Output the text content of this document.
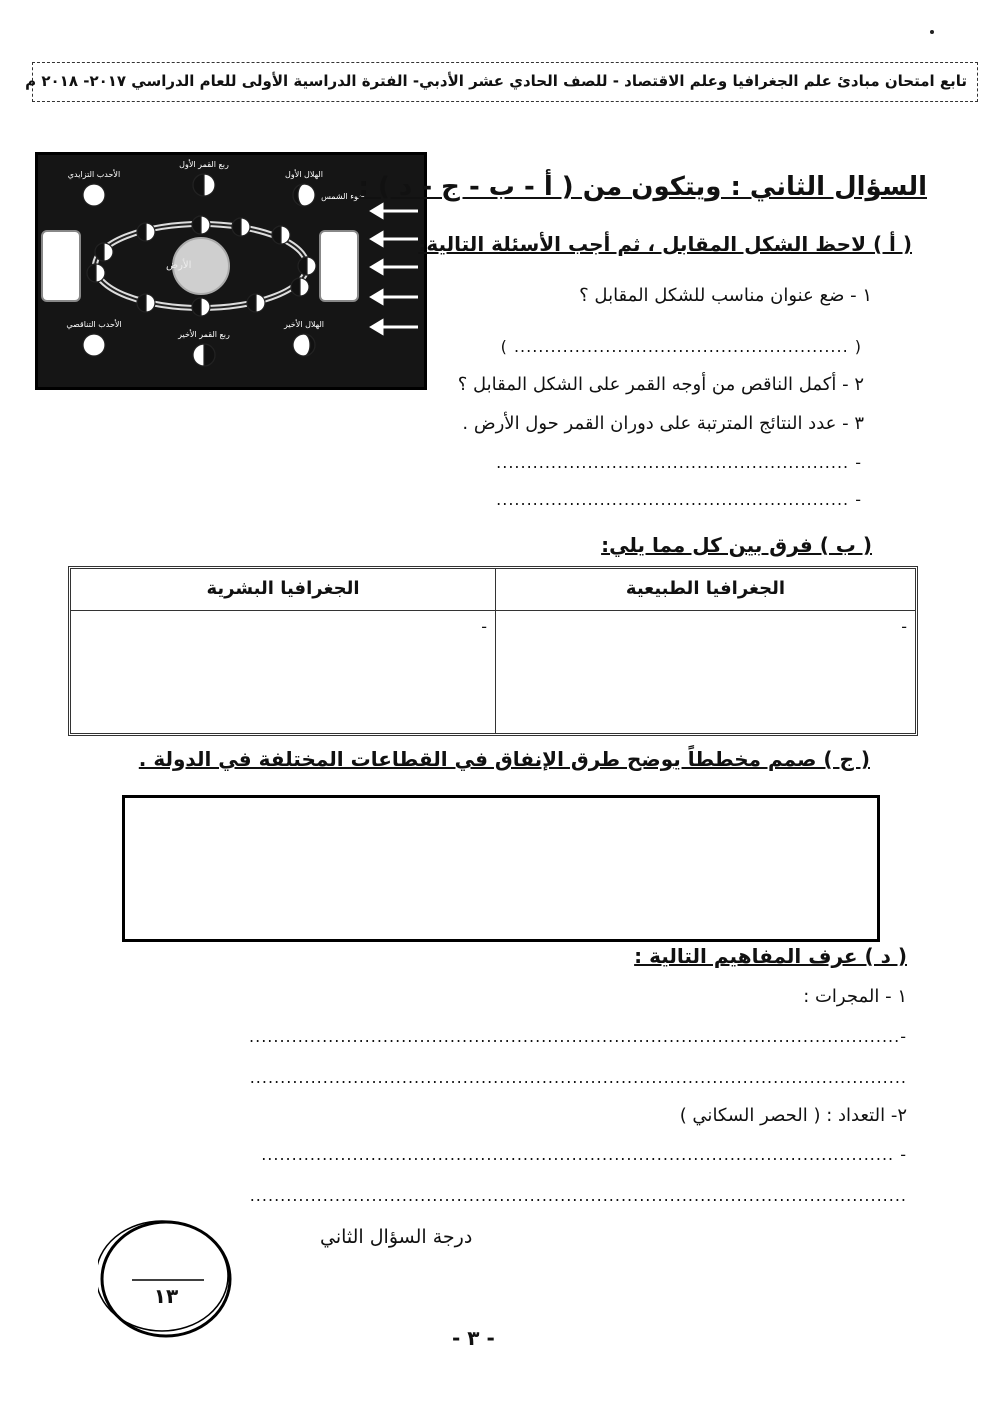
تابع امتحان مبادئ علم الجغرافيا وعلم الاقتصاد - للصف الحادي عشر الأدبي- الفترة الدراسية الأولى للعام الدراسي ٢٠١٧- ٢٠١٨ م
الأرض
ضوء الشمس
الهلال الأول
ربع القمر الأول
الأحدب التزايدي
الهلال الأخير
ربع القمر الأخير
الأحدب التناقصي
السؤال الثاني : ويتكون من ( أ - ب - ج - د ) :
( أ ) لاحظ الشكل المقابل ، ثم أجب الأسئلة التالية:
١ - ضع عنوان مناسب للشكل المقابل ؟
( ....................................................... )
٢ - أكمل الناقص من أوجه القمر على الشكل المقابل ؟
٣ - عدد النتائج المترتبة على دوران القمر حول الأرض .
- ..........................................................
- ..........................................................
( ب ) فرق بين كل مما يلي:
الجغرافيا الطبيعية
الجغرافيا البشرية
-
-
( ج ) صمم مخططاً يوضح طرق الإنفاق في القطاعات المختلفة في الدولة .
( د ) عرف المفاهيم التالية :
١ - المجرات :
-...........................................................................................................
............................................................................................................
٢- التعداد : ( الحصر السكاني )
- ........................................................................................................
............................................................................................................
درجة السؤال الثاني
١٣
- ٣ -
